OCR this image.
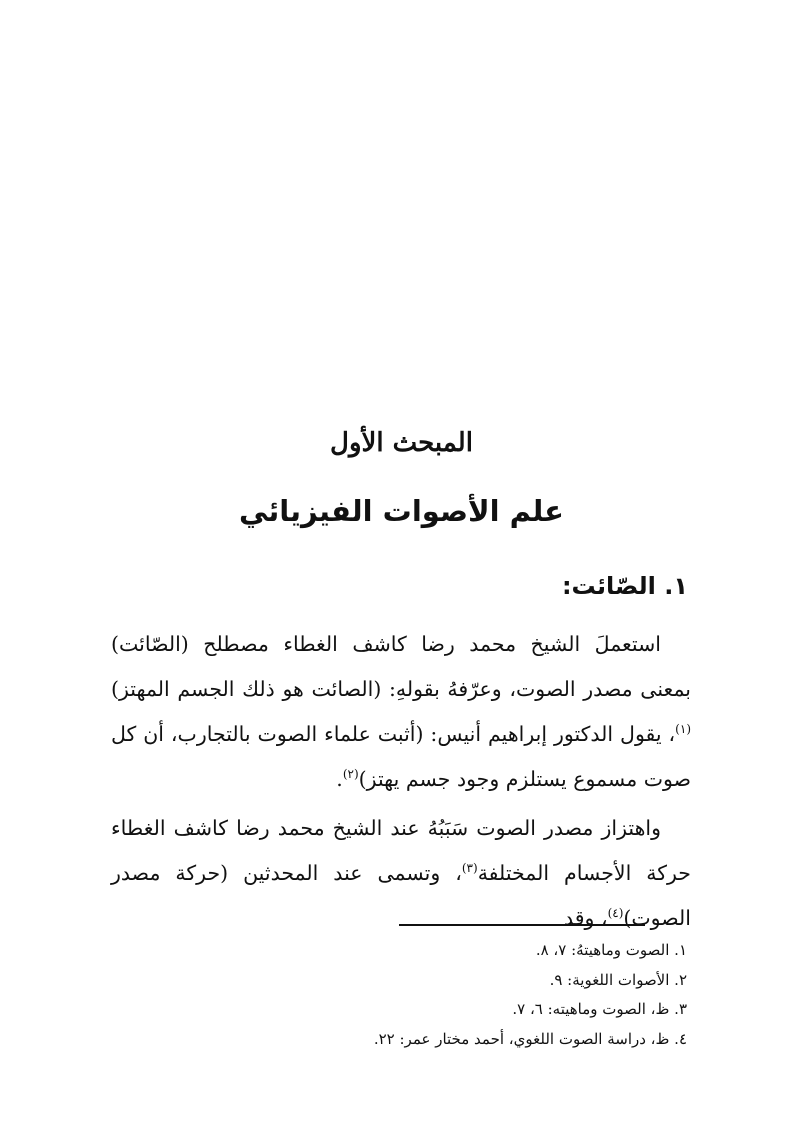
المبحث الأول
علم الأصوات الفيزيائي
١. الصّائت:

استعملَ الشيخ محمد رضا كاشف الغطاء مصطلح (الصّائت) بمعنى مصدر الصوت، وعرّفهُ بقولهِ: (الصائت هو ذلك الجسم المهتز)$^{(١)}$، يقول الدكتور إبراهيم أنيس: (أثبت علماء الصوت بالتجارب، أن كل صوت مسموع يستلزم وجود جسم يهتز)$^{(٢)}$.

واهتزاز مصدر الصوت سَبَبُهُ عند الشيخ محمد رضا كاشف الغطاء حركة الأجسام المختلفة$^{(٣)}$، وتسمى عند المحدثين (حركة مصدر الصوت)$^{(٤)}$، وقد

١. الصوت وماهيتهُ: ٧، ٨.
٢. الأصوات اللغوية: ٩.
٣. ظ، الصوت وماهيته: ٦، ٧.
٤. ظ، دراسة الصوت اللغوي، أحمد مختار عمر: ٢٢.
